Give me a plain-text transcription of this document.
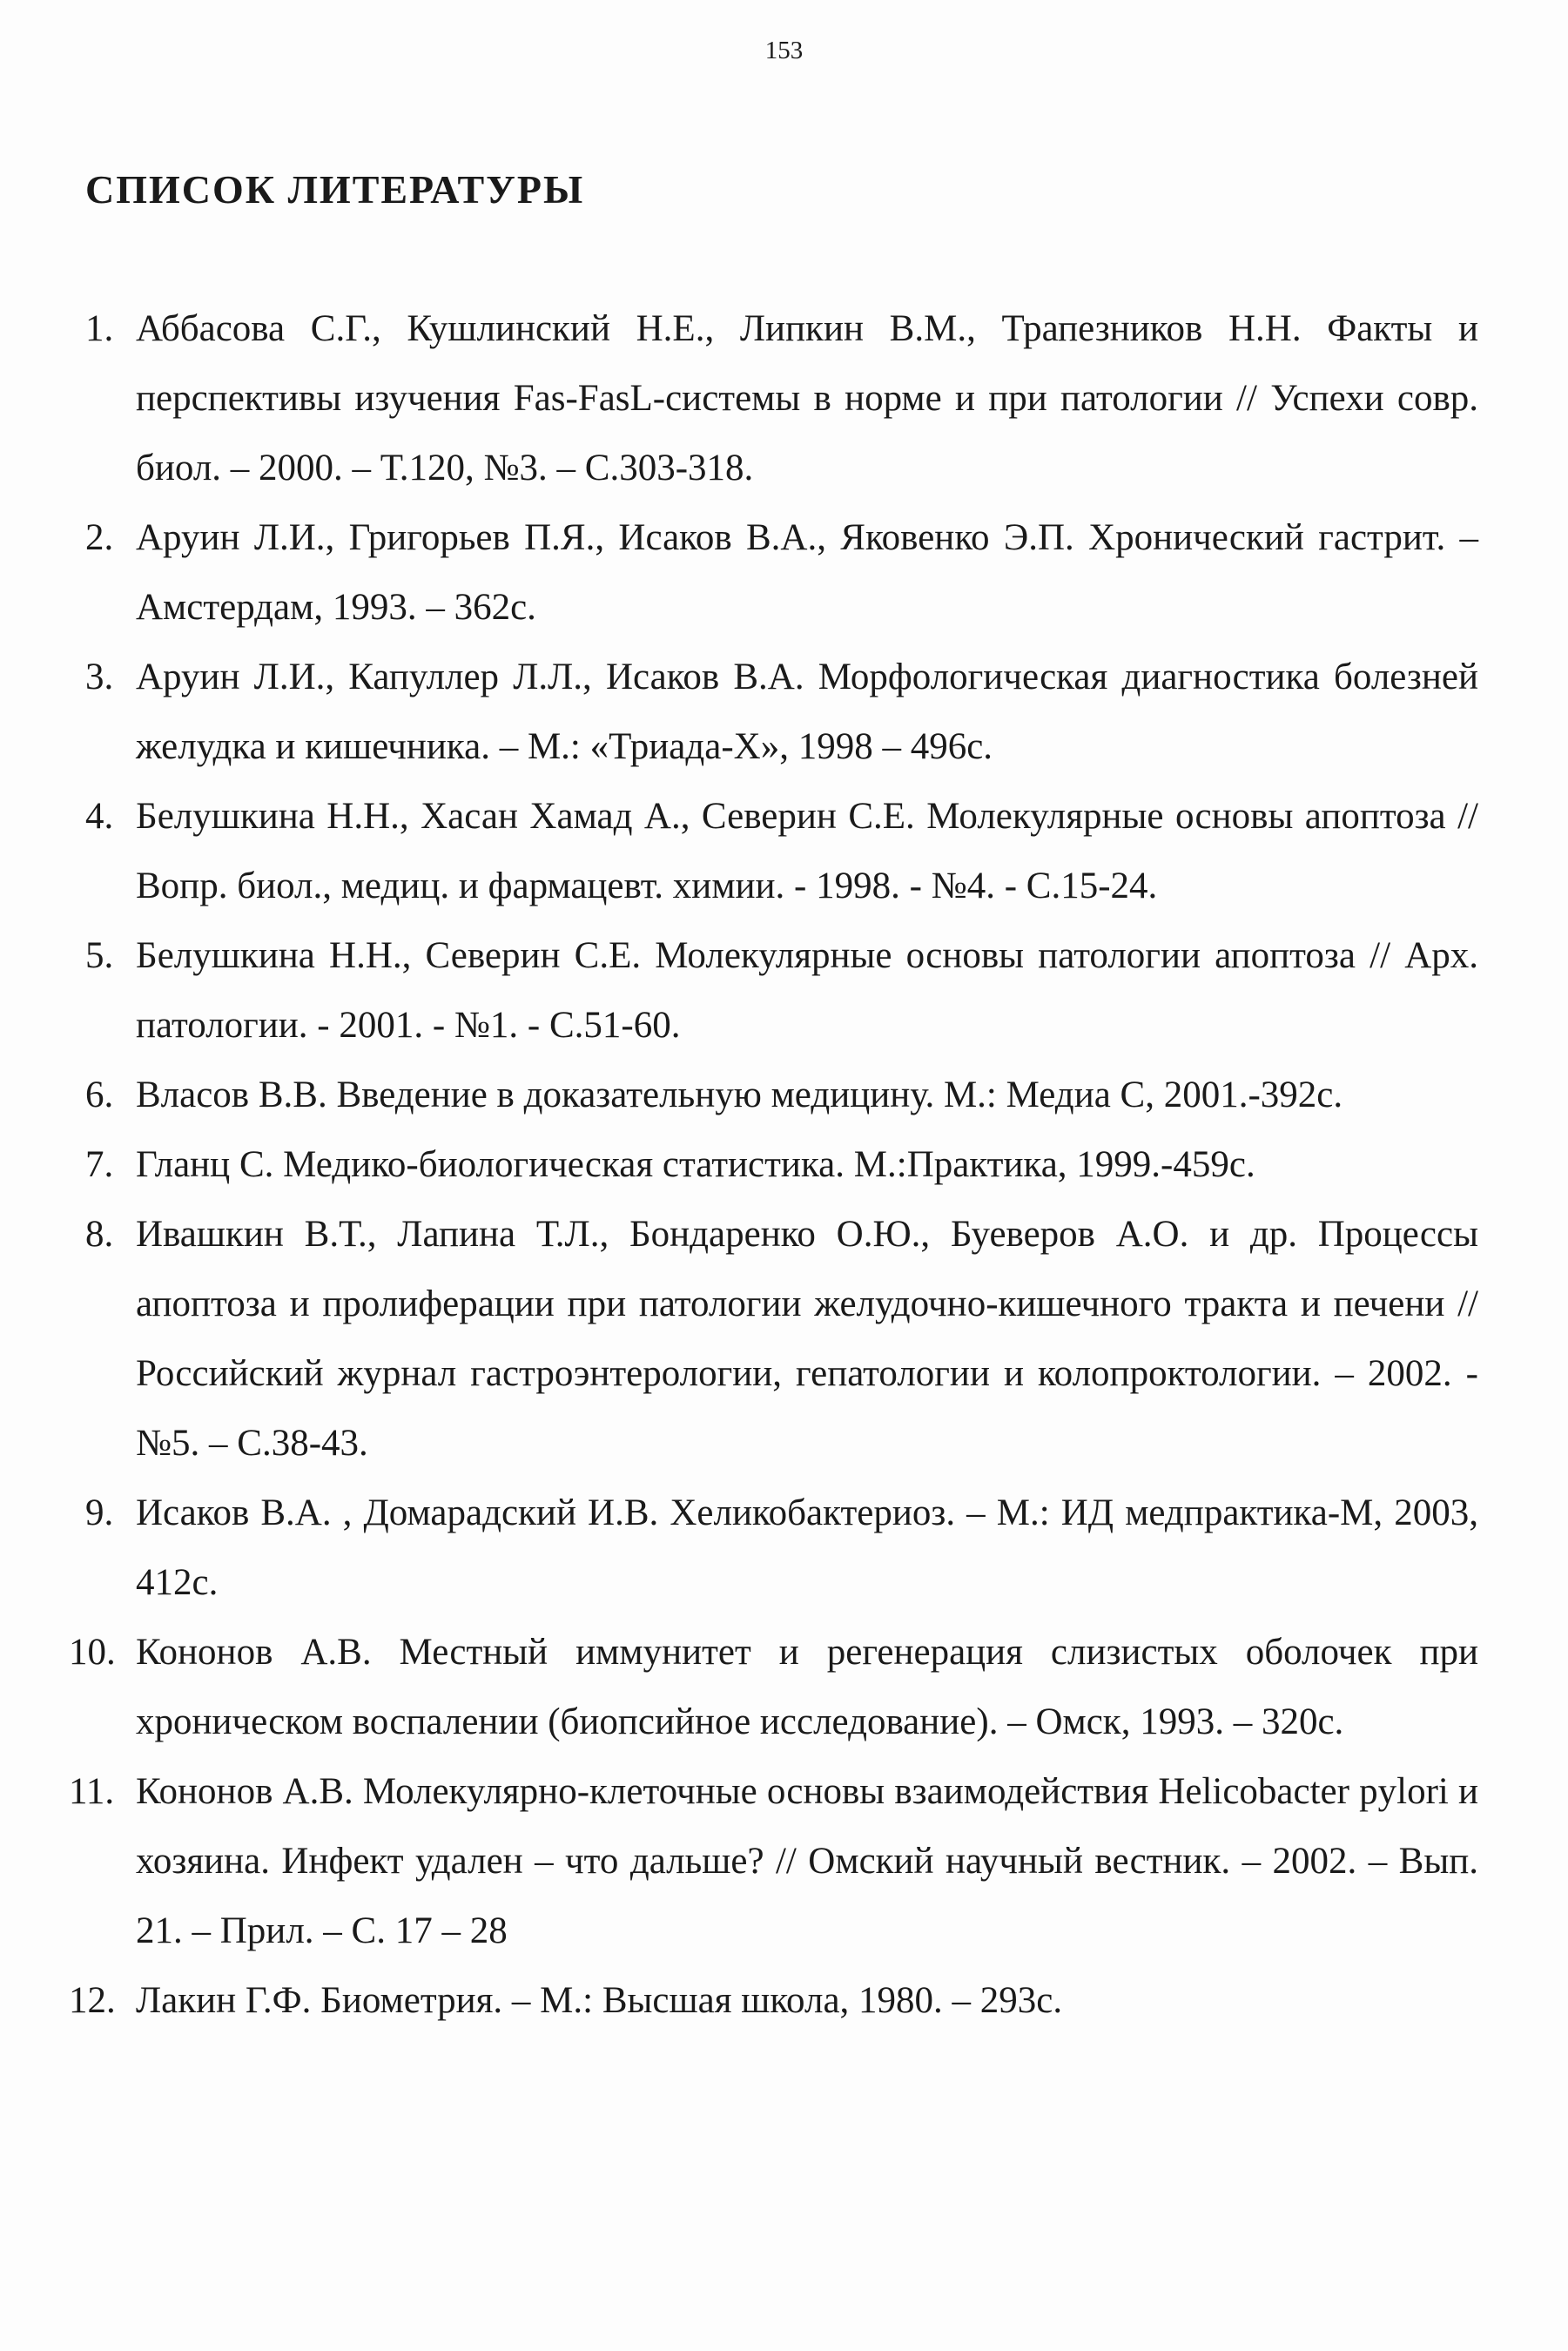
153
СПИСОК ЛИТЕРАТУРЫ
1. Аббасова С.Г., Кушлинский Н.Е., Липкин В.М., Трапезников Н.Н. Факты и перспективы изучения Fas-FasL-системы в норме и при патологии // Успехи совр. биол. – 2000. – Т.120, №3. – С.303-318.
2. Аруин Л.И., Григорьев П.Я., Исаков В.А., Яковенко Э.П. Хронический гастрит. – Амстердам, 1993. – 362с.
3. Аруин Л.И., Капуллер Л.Л., Исаков В.А. Морфологическая диагностика болезней желудка и кишечника. – М.: «Триада-Х», 1998 – 496с.
4. Белушкина Н.Н., Хасан Хамад А., Северин С.Е. Молекулярные основы апоптоза // Вопр. биол., медиц. и фармацевт. химии. - 1998. - №4. - С.15-24.
5. Белушкина Н.Н., Северин С.Е. Молекулярные основы патологии апоптоза // Арх. патологии. - 2001. - №1. - С.51-60.
6. Власов В.В. Введение в доказательную медицину. М.: Медиа С, 2001.-392с.
7. Гланц С. Медико-биологическая статистика. М.:Практика, 1999.-459с.
8. Ивашкин В.Т., Лапина Т.Л., Бондаренко О.Ю., Буеверов А.О. и др. Процессы апоптоза и пролиферации при патологии желудочно-кишечного тракта и печени // Российский журнал гастроэнтерологии, гепатологии и колопроктологии. – 2002. - №5. – С.38-43.
9. Исаков В.А. , Домарадский И.В. Хеликобактериоз. – М.: ИД медпрактика-М, 2003, 412с.
10. Кононов А.В. Местный иммунитет и регенерация слизистых оболочек при хроническом воспалении (биопсийное исследование). – Омск, 1993. – 320с.
11. Кононов А.В. Молекулярно-клеточные основы взаимодействия Helicobacter pylori и хозяина. Инфект удален – что дальше? // Омский научный вестник. – 2002. – Вып. 21. – Прил. – С. 17 – 28
12. Лакин Г.Ф. Биометрия. – М.: Высшая школа, 1980. – 293с.
